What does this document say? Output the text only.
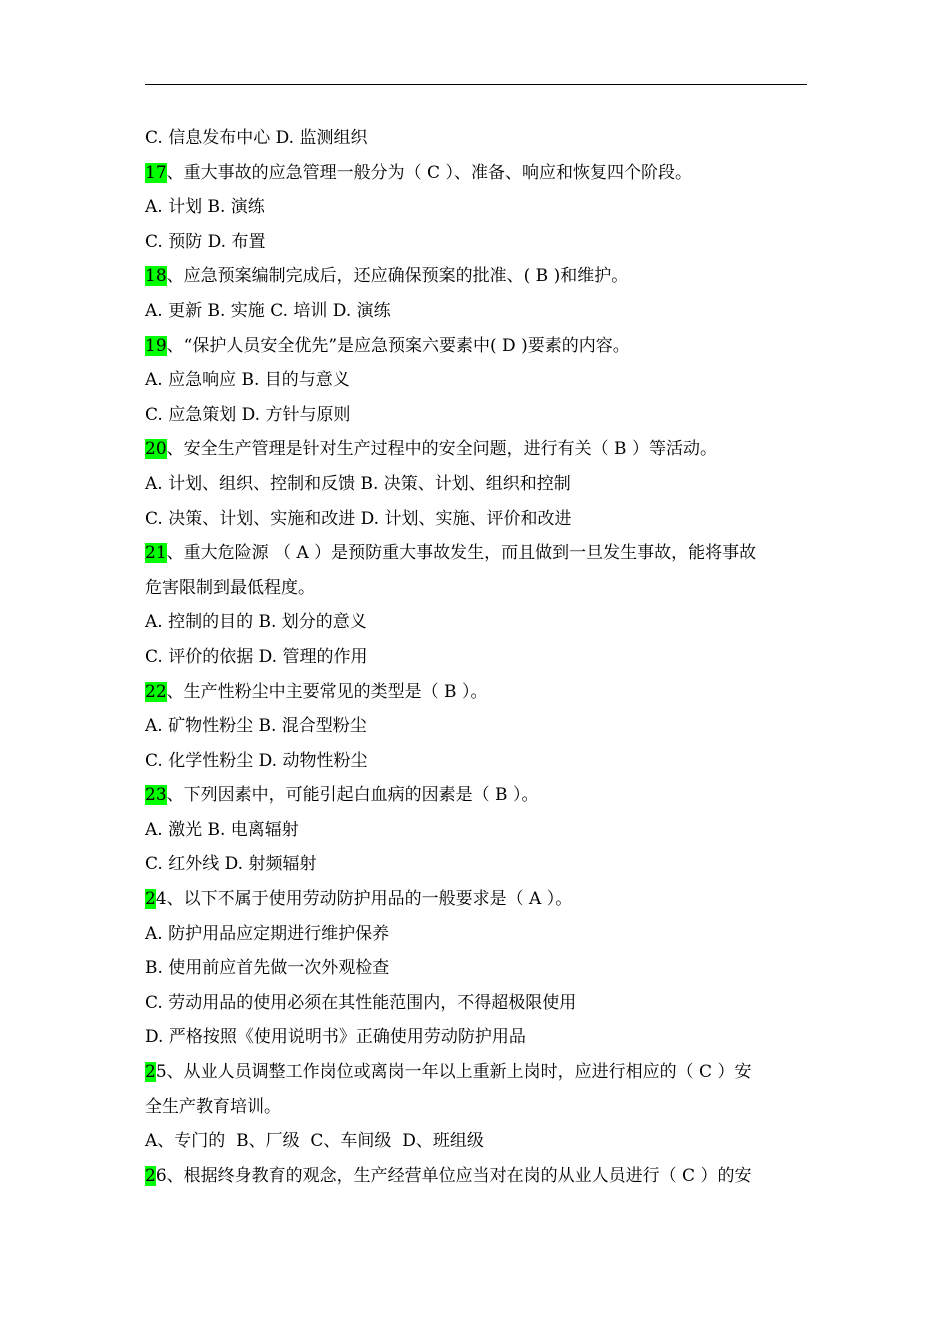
C. 信息发布中心 D. 监测组织
17、重大事故的应急管理一般分为（ C ）、准备、响应和恢复四个阶段。
A. 计划 B. 演练
C. 预防 D. 布置
18、应急预案编制完成后，还应确保预案的批准、( B )和维护。
A. 更新 B. 实施 C. 培训 D. 演练
19、“保护人员安全优先”是应急预案六要素中( D )要素的内容。
A. 应急响应 B. 目的与意义
C. 应急策划 D. 方针与原则
20、安全生产管理是针对生产过程中的安全问题，进行有关（ B ）等活动。
A. 计划、组织、控制和反馈 B. 决策、计划、组织和控制
C. 决策、计划、实施和改进 D. 计划、实施、评价和改进
21、重大危险源 （ A ）是预防重大事故发生，而且做到一旦发生事故，能将事故
危害限制到最低程度。
A. 控制的目的 B. 划分的意义
C. 评价的依据 D. 管理的作用
22、生产性粉尘中主要常见的类型是（ B ）。
A. 矿物性粉尘 B. 混合型粉尘
C. 化学性粉尘 D. 动物性粉尘
23、下列因素中，可能引起白血病的因素是（ B ）。
A. 激光 B. 电离辐射
C. 红外线 D. 射频辐射
24、以下不属于使用劳动防护用品的一般要求是（ A ）。
A. 防护用品应定期进行维护保养
B. 使用前应首先做一次外观检查
C. 劳动用品的使用必须在其性能范围内，不得超极限使用
D. 严格按照《使用说明书》正确使用劳动防护用品
25、从业人员调整工作岗位或离岗一年以上重新上岗时，应进行相应的（ C ）安
全生产教育培训。
A、专门的  B、厂级  C、车间级  D、班组级
26、根据终身教育的观念，生产经营单位应当对在岗的从业人员进行（ C ）的安
